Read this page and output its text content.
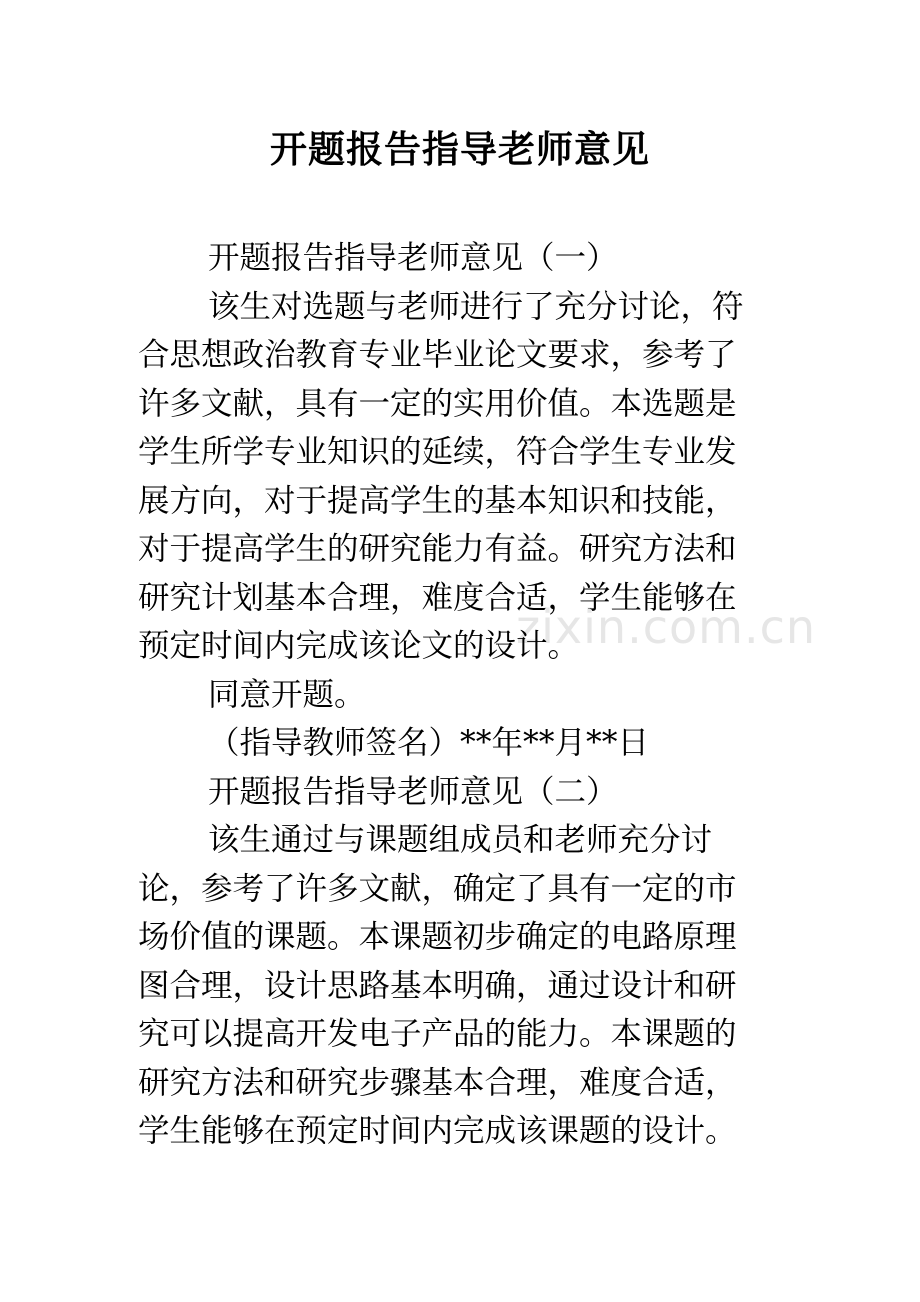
开题报告指导老师意见
zixin.com.cn
开题报告指导老师意见（一）
该生对选题与老师进行了充分讨论，符
合思想政治教育专业毕业论文要求，参考了
许多文献，具有一定的实用价值。本选题是
学生所学专业知识的延续，符合学生专业发
展方向，对于提高学生的基本知识和技能，
对于提高学生的研究能力有益。研究方法和
研究计划基本合理，难度合适，学生能够在
预定时间内完成该论文的设计。
同意开题。
（指导教师签名）**年**月**日
开题报告指导老师意见（二）
该生通过与课题组成员和老师充分讨
论，参考了许多文献，确定了具有一定的市
场价值的课题。本课题初步确定的电路原理
图合理，设计思路基本明确，通过设计和研
究可以提高开发电子产品的能力。本课题的
研究方法和研究步骤基本合理，难度合适，
学生能够在预定时间内完成该课题的设计。
